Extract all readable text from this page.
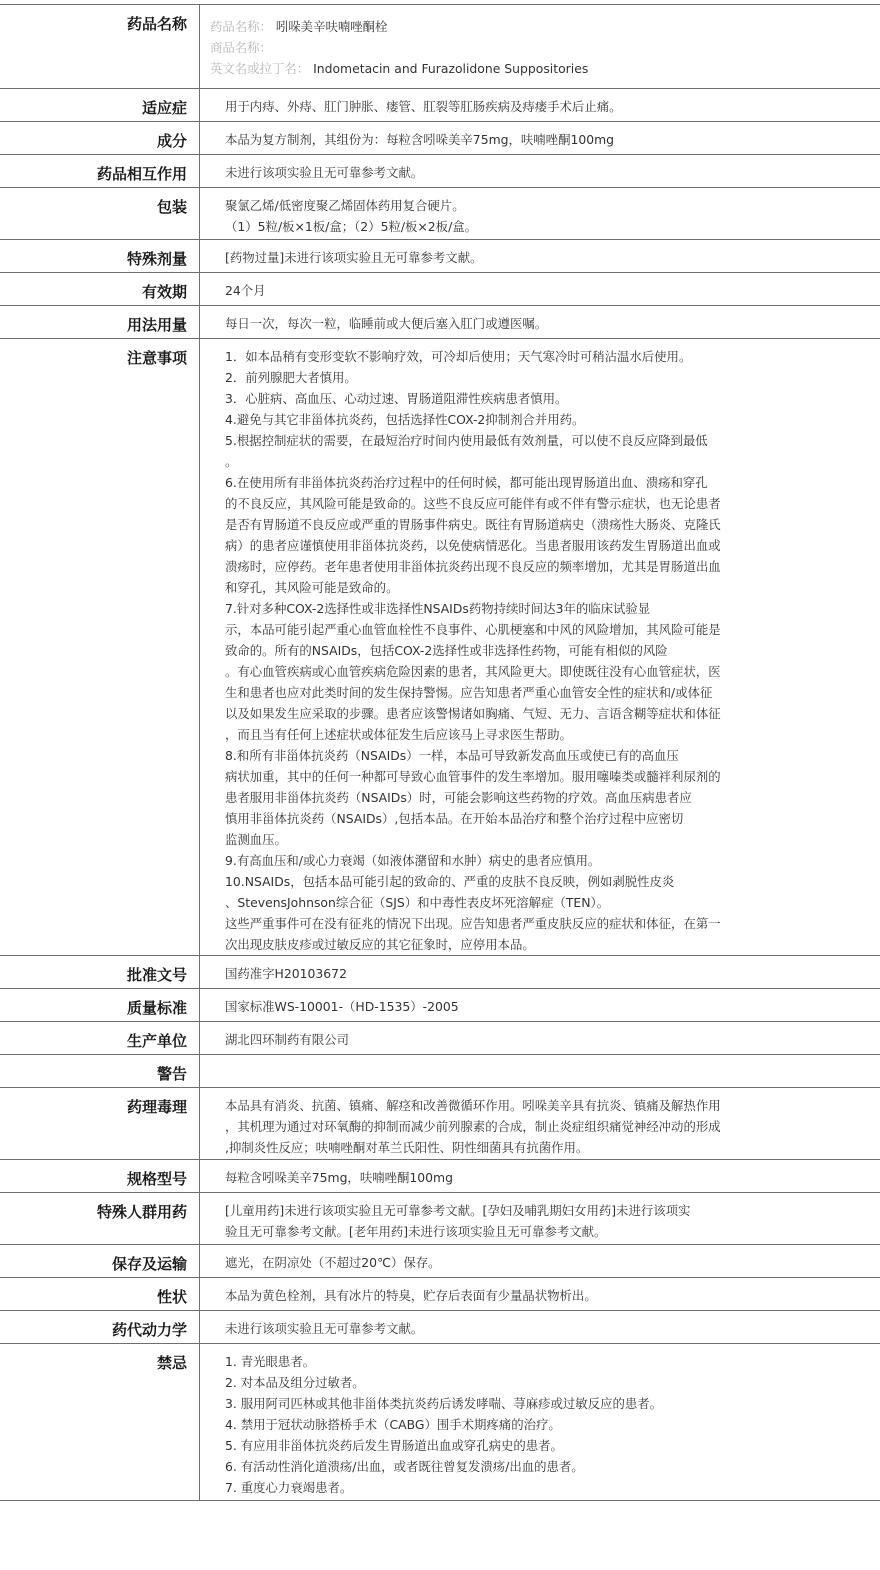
药品名称	药品名称： 吲哚美辛呋喃唑酮栓
商品名称：
英文名或拉丁名： Indometacin and Furazolidone Suppositories
适应症	用于内痔、外痔、肛门肿胀、瘘管、肛裂等肛肠疾病及痔瘘手术后止痛。
成分	本品为复方制剂，其组份为：每粒含吲哚美辛75mg，呋喃唑酮100mg
药品相互作用	未进行该项实验且无可靠参考文献。
包装	聚氯乙烯/低密度聚乙烯固体药用复合硬片。
（1）5粒/板×1板/盒；（2）5粒/板×2板/盒。
特殊剂量	[药物过量]未进行该项实验且无可靠参考文献。
有效期	24个月
用法用量	每日一次，每次一粒，临睡前或大便后塞入肛门或遵医嘱。
注意事项	1．如本品稍有变形变软不影响疗效，可冷却后使用；天气寒冷时可稍沾温水后使用。
2．前列腺肥大者慎用。
3．心脏病、高血压、心动过速、胃肠道阻滞性疾病患者慎用。
4.避免与其它非甾体抗炎药，包括选择性COX-2抑制剂合并用药。
5.根据控制症状的需要，在最短治疗时间内使用最低有效剂量，可以使不良反应降到最低
。
6.在使用所有非甾体抗炎药治疗过程中的任何时候，都可能出现胃肠道出血、溃疡和穿孔
的不良反应，其风险可能是致命的。这些不良反应可能伴有或不伴有警示症状，也无论患者
是否有胃肠道不良反应或严重的胃肠事件病史。既往有胃肠道病史（溃疡性大肠炎、克隆氏
病）的患者应谨慎使用非甾体抗炎药，以免使病情恶化。当患者服用该药发生胃肠道出血或
溃疡时，应停药。老年患者使用非甾体抗炎药出现不良反应的频率增加，尤其是胃肠道出血
和穿孔，其风险可能是致命的。
7.针对多种COX-2选择性或非选择性NSAIDs药物持续时间达3年的临床试验显
示，本品可能引起严重心血管血栓性不良事件、心肌梗塞和中风的风险增加，其风险可能是
致命的。所有的NSAIDs，包括COX-2选择性或非选择性药物，可能有相似的风险
。有心血管疾病或心血管疾病危险因素的患者，其风险更大。即使既往没有心血管症状，医
生和患者也应对此类时间的发生保持警惕。应告知患者严重心血管安全性的症状和/或体征
以及如果发生应采取的步骤。患者应该警惕诸如胸痛、气短、无力、言语含糊等症状和体征
，而且当有任何上述症状或体征发生后应该马上寻求医生帮助。
8.和所有非甾体抗炎药（NSAIDs）一样，本品可导致新发高血压或使已有的高血压
病状加重，其中的任何一种都可导致心血管事件的发生率增加。服用噻嗪类或髓袢利尿剂的
患者服用非甾体抗炎药（NSAIDs）时，可能会影响这些药物的疗效。高血压病患者应
慎用非甾体抗炎药（NSAIDs）,包括本品。在开始本品治疗和整个治疗过程中应密切
监测血压。
9.有高血压和/或心力衰竭（如液体潴留和水肿）病史的患者应慎用。
10.NSAIDs，包括本品可能引起的致命的、严重的皮肤不良反映，例如剥脱性皮炎
、StevensJohnson综合征（SJS）和中毒性表皮坏死溶解症（TEN）。
这些严重事件可在没有征兆的情况下出现。应告知患者严重皮肤反应的症状和体征，在第一
次出现皮肤皮疹或过敏反应的其它征象时，应停用本品。
批准文号	国药准字H20103672
质量标准	国家标准WS-10001-（HD-1535）-2005
生产单位	湖北四环制药有限公司
警告
药理毒理	本品具有消炎、抗菌、镇痛、解痉和改善微循环作用。吲哚美辛具有抗炎、镇痛及解热作用
，其机理为通过对环氧酶的抑制而减少前列腺素的合成，制止炎症组织痛觉神经冲动的形成
,抑制炎性反应；呋喃唑酮对革兰氏阳性、阴性细菌具有抗菌作用。
规格型号	每粒含吲哚美辛75mg，呋喃唑酮100mg
特殊人群用药	[儿童用药]未进行该项实验且无可靠参考文献。[孕妇及哺乳期妇女用药]未进行该项实
验且无可靠参考文献。[老年用药]未进行该项实验且无可靠参考文献。
保存及运输	遮光，在阴凉处（不超过20℃）保存。
性状	本品为黄色栓剂，具有冰片的特臭，贮存后表面有少量晶状物析出。
药代动力学	未进行该项实验且无可靠参考文献。
禁忌	1. 青光眼患者。
2. 对本品及组分过敏者。
3. 服用阿司匹林或其他非甾体类抗炎药后诱发哮喘、荨麻疹或过敏反应的患者。
4. 禁用于冠状动脉搭桥手术（CABG）围手术期疼痛的治疗。
5. 有应用非甾体抗炎药后发生胃肠道出血或穿孔病史的患者。
6. 有活动性消化道溃疡/出血，或者既往曾复发溃疡/出血的患者。
7. 重度心力衰竭患者。
